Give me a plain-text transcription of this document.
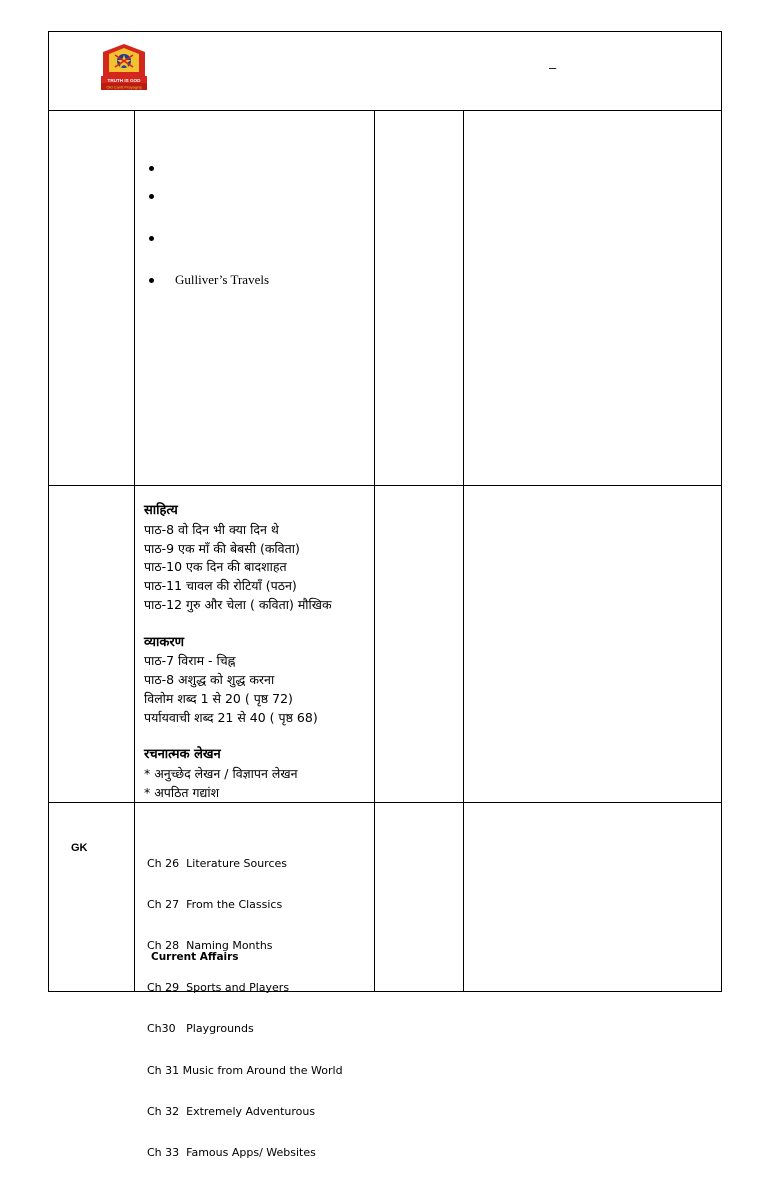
TRUTH IS GOD
Old Cantt Prayagraj
–
Gulliver’s Travels
साहित्य
पाठ-8 वो दिन भी क्या दिन थे
पाठ-9 एक माँ की बेबसी (कविता)
पाठ-10 एक दिन की बादशाहत
पाठ-11 चावल की रोटियाँ (पठन)
पाठ-12 गुरु और चेला ( कविता) मौखिक
व्याकरण
पाठ-7 विराम - चिह्न
पाठ-8 अशुद्ध को शुद्ध करना
विलोम शब्द 1 से 20 ( पृष्ठ 72)
पर्यायवाची शब्द 21 से 40 ( पृष्ठ 68)
रचनात्मक लेखन
* अनुच्छेद लेखन / विज्ञापन लेखन
* अपठित गद्यांश
GK

Ch 26  Literature Sources

Ch 27  From the Classics

Ch 28  Naming Months

Ch 29  Sports and Players

Ch30   Playgrounds

Ch 31 Music from Around the World

Ch 32  Extremely Adventurous

Ch 33  Famous Apps/ Websites

Current Affairs
